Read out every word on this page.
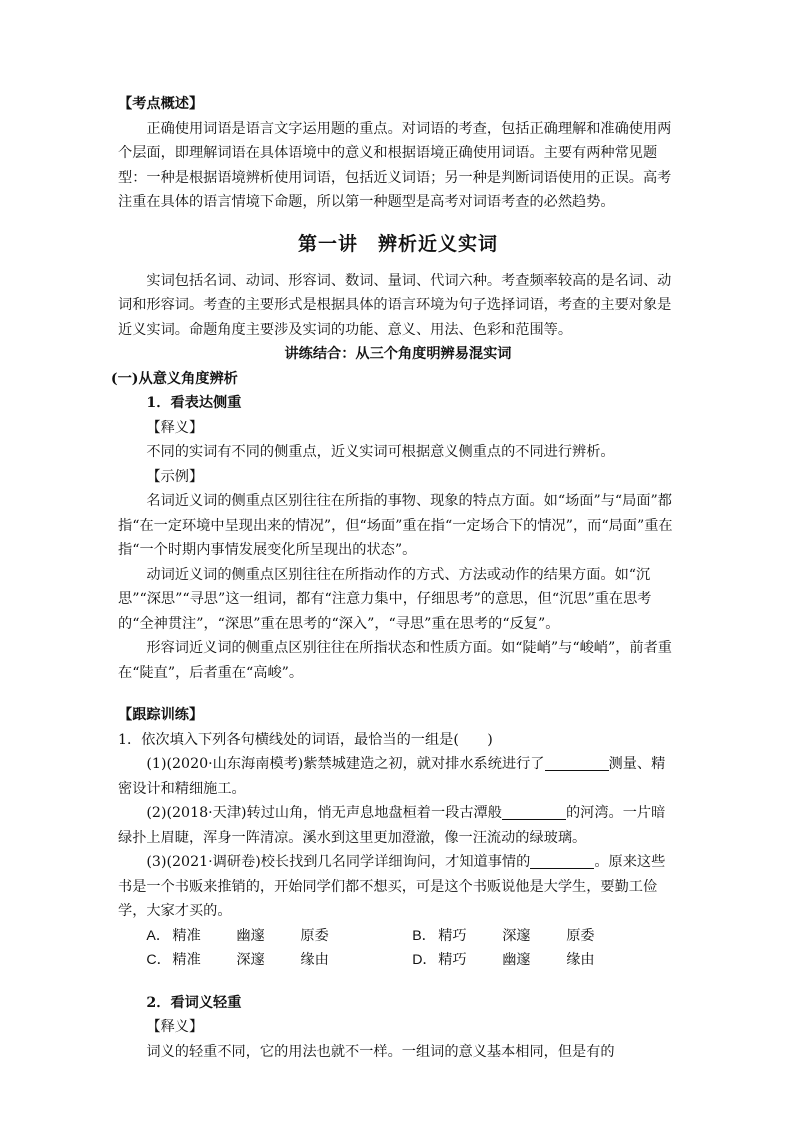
【考点概述】

正确使用词语是语言文字运用题的重点。对词语的考查，包括正确理解和准确使用两个层面，即理解词语在具体语境中的意义和根据语境正确使用词语。主要有两种常见题型：一种是根据语境辨析使用词语，包括近义词语；另一种是判断词语使用的正误。高考注重在具体的语言情境下命题，所以第一种题型是高考对词语考查的必然趋势。

第一讲　辨析近义实词

实词包括名词、动词、形容词、数词、量词、代词六种。考查频率较高的是名词、动词和形容词。考查的主要形式是根据具体的语言环境为句子选择词语，考查的主要对象是近义实词。命题角度主要涉及实词的功能、意义、用法、色彩和范围等。

讲练结合：从三个角度明辨易混实词

(一)从意义角度辨析

1．看表达侧重

【释义】

不同的实词有不同的侧重点，近义实词可根据意义侧重点的不同进行辨析。

【示例】

名词近义词的侧重点区别往往在所指的事物、现象的特点方面。如“场面”与“局面”都指“在一定环境中呈现出来的情况”，但“场面”重在指“一定场合下的情况”，而“局面”重在指“一个时期内事情发展变化所呈现出的状态”。

动词近义词的侧重点区别往往在所指动作的方式、方法或动作的结果方面。如“沉思”“深思”“寻思”这一组词，都有“注意力集中，仔细思考”的意思，但“沉思”重在思考的“全神贯注”，“深思”重在思考的“深入”，“寻思”重在思考的“反复”。

形容词近义词的侧重点区别往往在所指状态和性质方面。如“陡峭”与“峻峭”，前者重在“陡直”，后者重在“高峻”。

【跟踪训练】

1．依次填入下列各句横线处的词语，最恰当的一组是(　　)

(1)(2020·山东海南模考)紫禁城建造之初，就对排水系统进行了	测量、精密设计和精细施工。

(2)(2018·天津)转过山角，悄无声息地盘桓着一段古潭般	的河湾。一片暗绿扑上眉睫，浑身一阵清凉。溪水到这里更加澄澈，像一汪流动的绿玻璃。

(3)(2021·调研卷)校长找到几名同学详细询问，才知道事情的	。原来这些书是一个书贩来推销的，开始同学们都不想买，可是这个书贩说他是大学生，要勤工俭学，大家才买的。

A． 精准	幽邃	原委	B． 精巧	深邃	原委
C． 精准	深邃	缘由	D． 精巧	幽邃	缘由

2．看词义轻重

【释义】

词义的轻重不同，它的用法也就不一样。一组词的意义基本相同，但是有的
